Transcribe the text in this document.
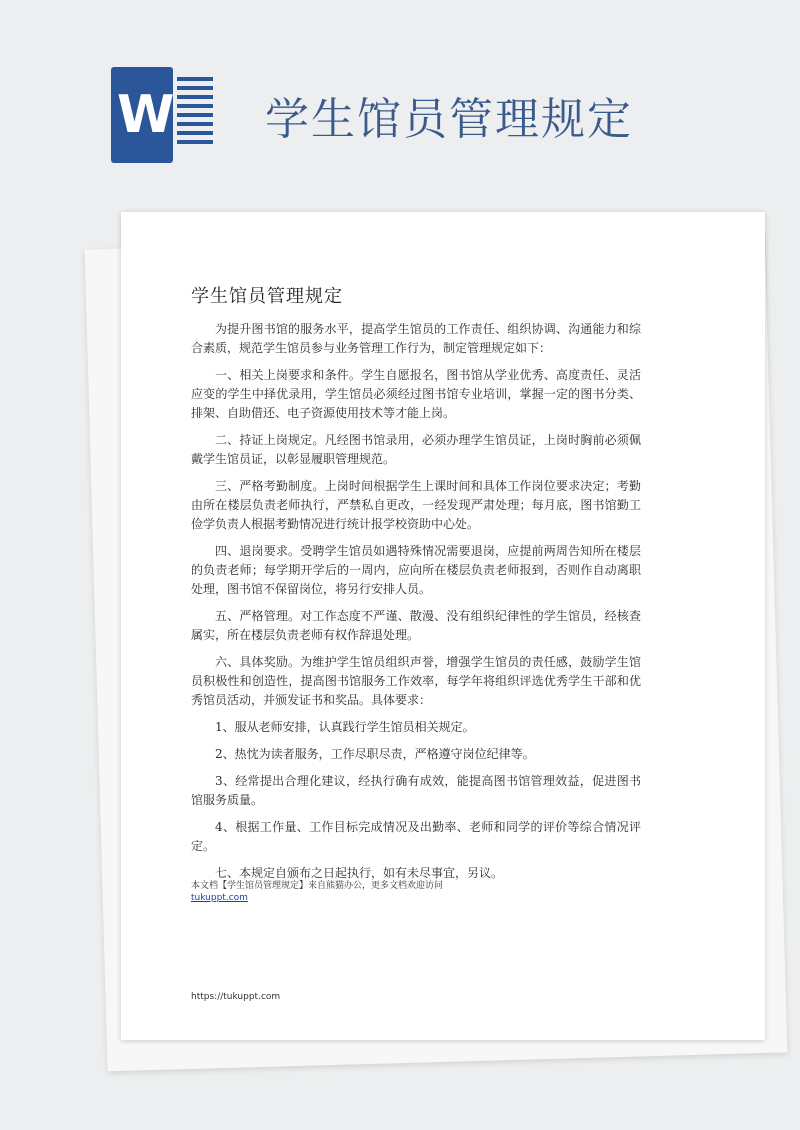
W 学生馆员管理规定
学生馆员管理规定

为提升图书馆的服务水平，提高学生馆员的工作责任、组织协调、沟通能力和综合素质，规范学生馆员参与业务管理工作行为，制定管理规定如下：

一、相关上岗要求和条件。学生自愿报名，图书馆从学业优秀、高度责任、灵活应变的学生中择优录用，学生馆员必须经过图书馆专业培训，掌握一定的图书分类、排架、自助借还、电子资源使用技术等才能上岗。

二、持证上岗规定。凡经图书馆录用，必须办理学生馆员证，上岗时胸前必须佩戴学生馆员证，以彰显履职管理规范。

三、严格考勤制度。上岗时间根据学生上课时间和具体工作岗位要求决定；考勤由所在楼层负责老师执行，严禁私自更改，一经发现严肃处理；每月底，图书馆勤工俭学负责人根据考勤情况进行统计报学校资助中心处。

四、退岗要求。受聘学生馆员如遇特殊情况需要退岗，应提前两周告知所在楼层的负责老师；每学期开学后的一周内，应向所在楼层负责老师报到，否则作自动离职处理，图书馆不保留岗位，将另行安排人员。

五、严格管理。对工作态度不严谨、散漫、没有组织纪律性的学生馆员，经核查属实，所在楼层负责老师有权作辞退处理。

六、具体奖励。为维护学生馆员组织声誉，增强学生馆员的责任感，鼓励学生馆员积极性和创造性，提高图书馆服务工作效率，每学年将组织评选优秀学生干部和优秀馆员活动，并颁发证书和奖品。具体要求：

1、服从老师安排，认真践行学生馆员相关规定。

2、热忱为读者服务，工作尽职尽责，严格遵守岗位纪律等。

3、经常提出合理化建议，经执行确有成效，能提高图书馆管理效益，促进图书馆服务质量。

4、根据工作量、工作目标完成情况及出勤率、老师和同学的评价等综合情况评定。

七、本规定自颁布之日起执行，如有未尽事宜，另议。

本文档【学生馆员管理规定】来自熊猫办公，更多文档欢迎访问
tukuppt.com
https://tukuppt.com
